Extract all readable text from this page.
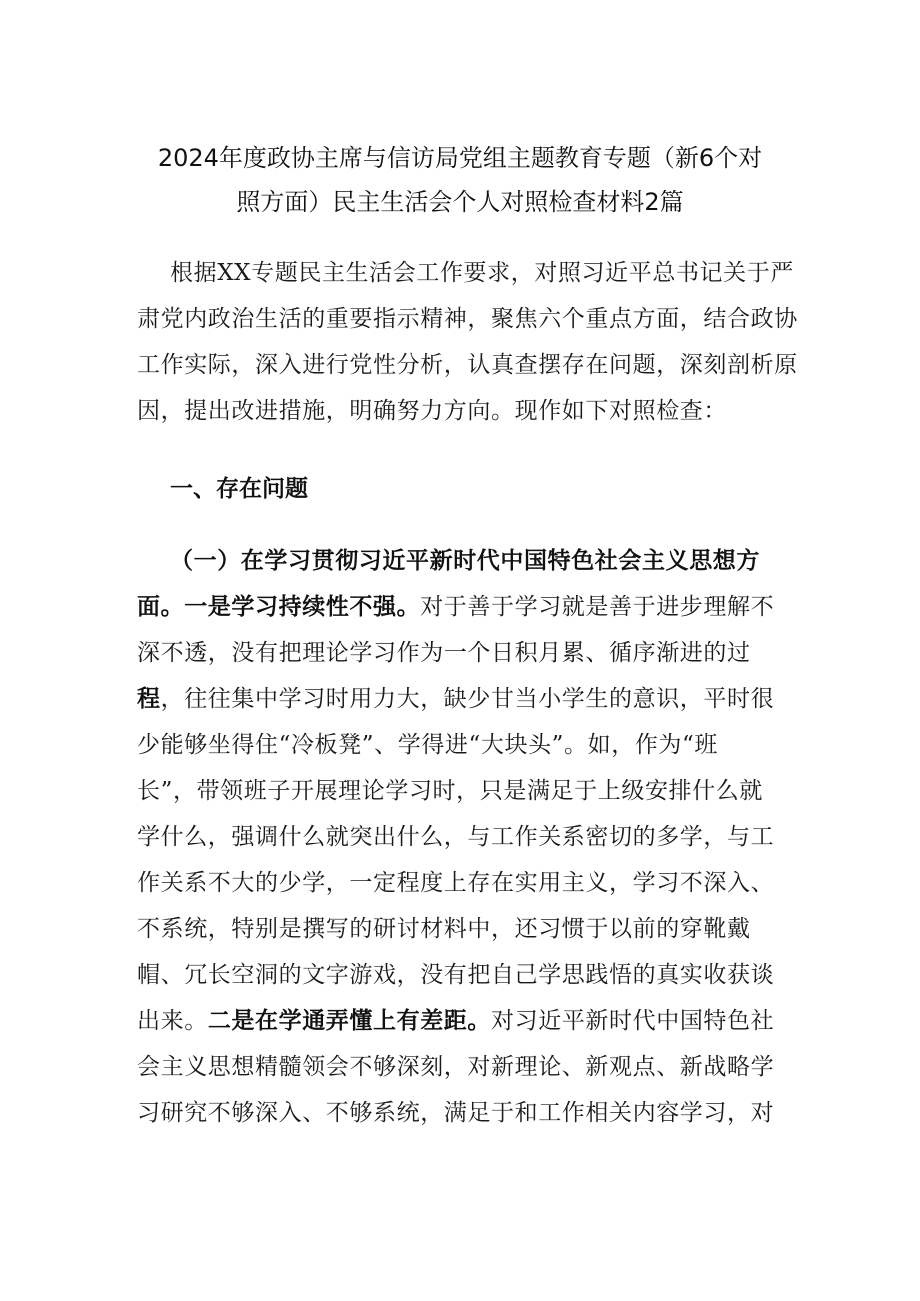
2024年度政协主席与信访局党组主题教育专题（新6个对
照方面）民主生活会个人对照检查材料2篇
根据XX专题民主生活会工作要求，对照习近平总书记关于严
肃党内政治生活的重要指示精神，聚焦六个重点方面，结合政协
工作实际，深入进行党性分析，认真查摆存在问题，深刻剖析原
因，提出改进措施，明确努力方向。现作如下对照检查：
一、存在问题
（一）在学习贯彻习近平新时代中国特色社会主义思想方
面。一是学习持续性不强。对于善于学习就是善于进步理解不
深不透，没有把理论学习作为一个日积月累、循序渐进的过
程，往往集中学习时用力大，缺少甘当小学生的意识，平时很
少能够坐得住“冷板凳”、学得进“大块头”。如，作为“班
长”，带领班子开展理论学习时，只是满足于上级安排什么就
学什么，强调什么就突出什么，与工作关系密切的多学，与工
作关系不大的少学，一定程度上存在实用主义，学习不深入、
不系统，特别是撰写的研讨材料中，还习惯于以前的穿靴戴
帽、冗长空洞的文字游戏，没有把自己学思践悟的真实收获谈
出来。二是在学通弄懂上有差距。对习近平新时代中国特色社
会主义思想精髓领会不够深刻，对新理论、新观点、新战略学
习研究不够深入、不够系统，满足于和工作相关内容学习，对
